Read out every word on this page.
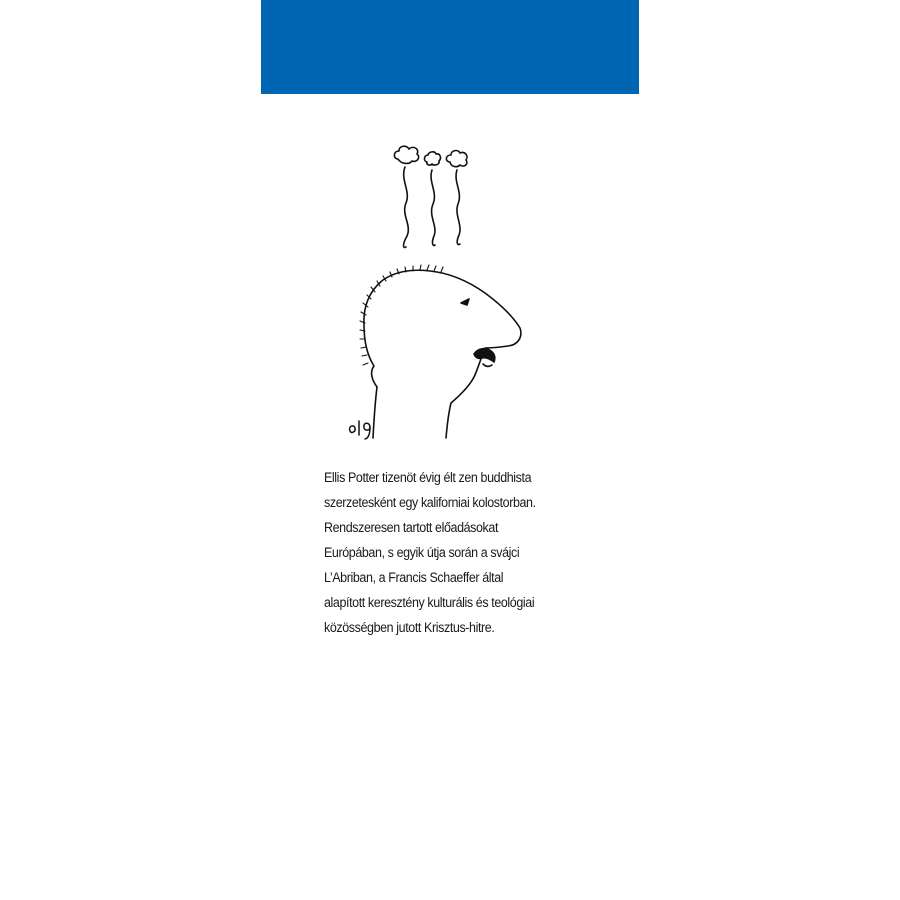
Ellis Potter tizenöt évig élt zen buddhista
szerzetesként egy kaliforniai kolostorban.
Rendszeresen tartott előadásokat
Európában, s egyik útja során a svájci
L’Abriban, a Francis Schaeffer által
alapított keresztény kulturális és teológiai
közösségben jutott Krisztus-hitre.
